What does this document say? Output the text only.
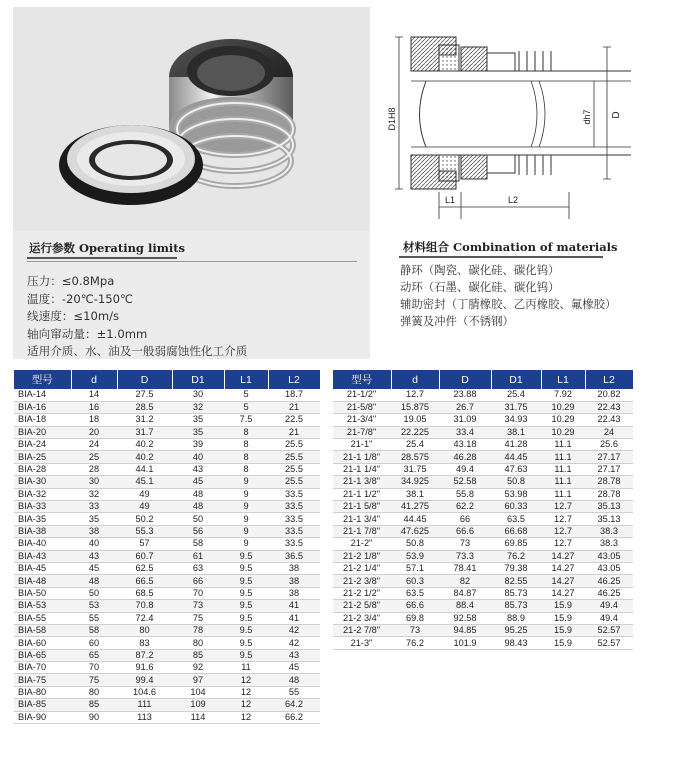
运行参数 Operating limits
压力：≤0.8Mpa
温度：-20℃-150℃
线速度：≤10m/s
轴向窜动量：±1.0mm
适用介质、水、油及一般弱腐蚀性化工介质
D1H8	dh7 D
L1	L2
材料组合 Combination of materials
静环（陶瓷、碳化硅、碳化钨）
动环（石墨、碳化硅、碳化钨）
辅助密封（丁腈橡胶、乙丙橡胶、氟橡胶）
弹簧及冲件（不锈钢）
型号	d	D	D1	L1	L2
BIA-14	14	27.5	30	5	18.7
BIA-16	16	28.5	32	5	21
BIA-18	18	31.2	35	7.5	22.5
BIA-20	20	31.7	35	8	21
BIA-24	24	40.2	39	8	25.5
BIA-25	25	40.2	40	8	25.5
BIA-28	28	44.1	43	8	25.5
BIA-30	30	45.1	45	9	25.5
BIA-32	32	49	48	9	33.5
BIA-33	33	49	48	9	33.5
BIA-35	35	50.2	50	9	33.5
BIA-38	38	55.3	56	9	33.5
BIA-40	40	57	58	9	33.5
BIA-43	43	60.7	61	9.5	36.5
BIA-45	45	62.5	63	9.5	38
BIA-48	48	66.5	66	9.5	38
BIA-50	50	68.5	70	9.5	38
BIA-53	53	70.8	73	9.5	41
BIA-55	55	72.4	75	9.5	41
BIA-58	58	80	78	9.5	42
BIA-60	60	83	80	9.5	42
BIA-65	65	87.2	85	9.5	43
BIA-70	70	91.6	92	11	45
BIA-75	75	99.4	97	12	48
BIA-80	80	104.6	104	12	55
BIA-85	85	111	109	12	64.2
BIA-90	90	113	114	12	66.2
型号	d	D	D1	L1	L2
21-1/2"	12.7	23.88	25.4	7.92	20.82
21-5/8"	15.875	26.7	31.75	10.29	22.43
21-3/4"	19.05	31.09	34.93	10.29	22.43
21-7/8"	22.225	33.4	38.1	10.29	24
21-1"	25.4	43.18	41.28	11.1	25.6
21-1 1/8"	28.575	46.28	44.45	11.1	27.17
21-1 1/4"	31.75	49.4	47.63	11.1	27.17
21-1 3/8"	34.925	52.58	50.8	11.1	28.78
21-1 1/2"	38.1	55.8	53.98	11.1	28.78
21-1 5/8"	41.275	62.2	60.33	12.7	35.13
21-1 3/4"	44.45	66	63.5	12.7	35.13
21-1 7/8"	47.625	66.6	66.68	12.7	38.3
21-2"	50.8	73	69.85	12.7	38.3
21-2 1/8"	53.9	73.3	76.2	14.27	43.05
21-2 1/4"	57.1	78.41	79.38	14.27	43.05
21-2 3/8"	60.3	82	82.55	14.27	46.25
21-2 1/2"	63.5	84.87	85.73	14.27	46.25
21-2 5/8"	66.6	88.4	85.73	15.9	49.4
21-2 3/4"	69.8	92.58	88.9	15.9	49.4
21-2 7/8"	73	94.85	95.25	15.9	52.57
21-3"	76.2	101.9	98.43	15.9	52.57
